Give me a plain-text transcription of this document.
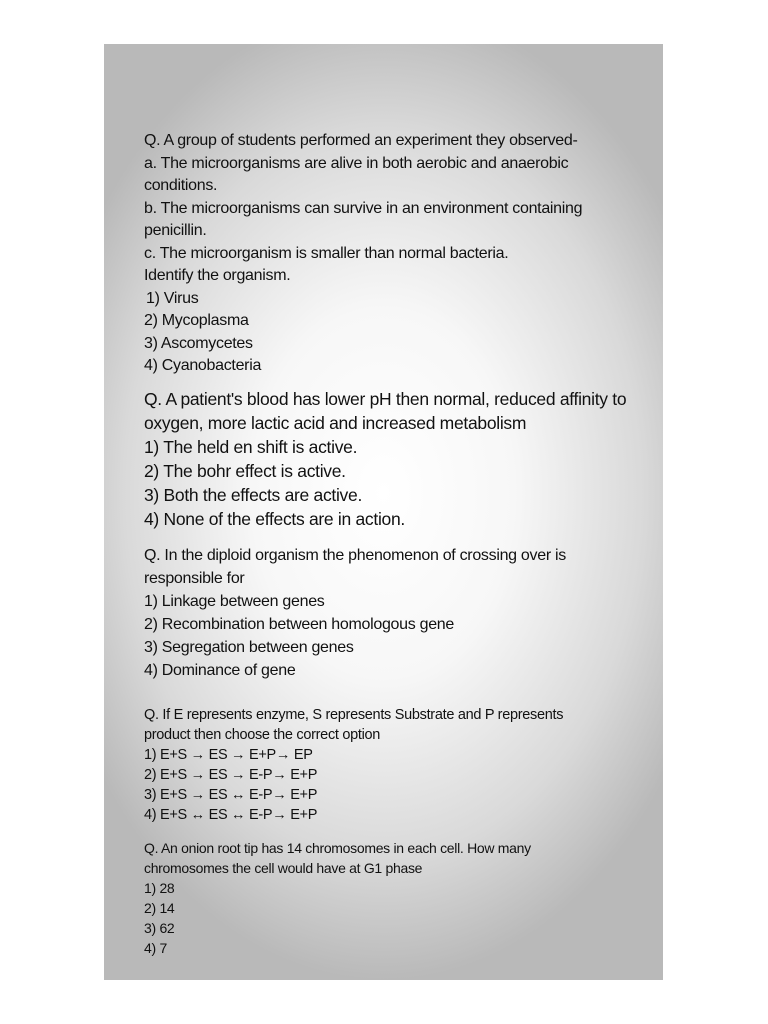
Q. A group of students performed an experiment they observed-
a. The microorganisms are alive in both aerobic and anaerobic
conditions.
b. The microorganisms can survive in an environment containing
penicillin.
c. The microorganism is smaller than normal bacteria.
Identify the organism.
1) Virus
2) Mycoplasma
3) Ascomycetes
4) Cyanobacteria
Q. A patient's blood has lower pH then normal, reduced affinity to
oxygen, more lactic acid and increased metabolism
1) The held en shift is active.
2) The bohr effect is active.
3) Both the effects are active.
4) None of the effects are in action.
Q. In the diploid organism the phenomenon of crossing over is
responsible for
1) Linkage between genes
2) Recombination between homologous gene
3) Segregation between genes
4) Dominance of gene
Q. If E represents enzyme, S represents Substrate and P represents
product then choose the correct option
1) E+S → ES → E+P→ EP
2) E+S → ES → E-P→ E+P
3) E+S → ES ↔ E-P→ E+P
4) E+S ↔ ES ↔ E-P→ E+P
Q. An onion root tip has 14 chromosomes in each cell. How many
chromosomes the cell would have at G1 phase
1) 28
2) 14
3) 62
4) 7
